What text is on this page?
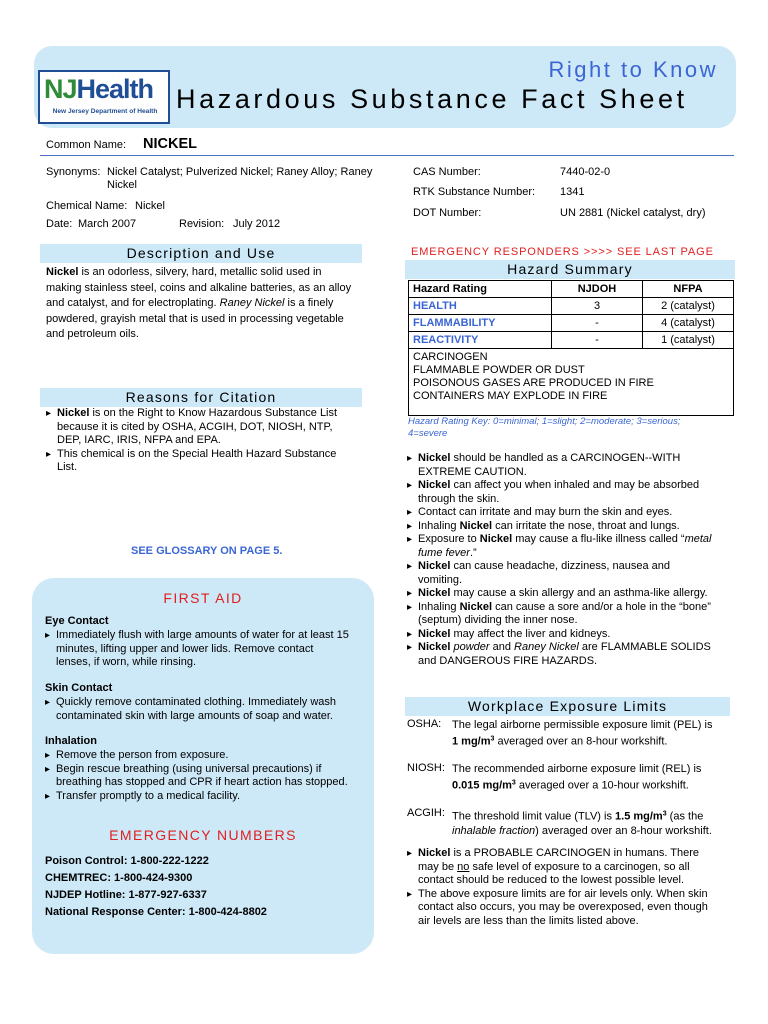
NJHealth
New Jersey Department of Health
Right to Know
Hazardous Substance Fact Sheet
Common Name: NICKEL
Synonyms: Nickel Catalyst; Pulverized Nickel; Raney Alloy; Raney
Nickel
Chemical Name: Nickel
Date: March 2007	Revision: July 2012
CAS Number:	7440-02-0
RTK Substance Number: 1341
DOT Number:	UN 2881 (Nickel catalyst, dry)
Description and Use
Nickel is an odorless, silvery, hard, metallic solid used in
making stainless steel, coins and alkaline batteries, as an alloy
and catalyst, and for electroplating. Raney Nickel is a finely
powdered, grayish metal that is used in processing vegetable
and petroleum oils.
Reasons for Citation
▸ Nickel is on the Right to Know Hazardous Substance List
because it is cited by OSHA, ACGIH, DOT, NIOSH, NTP,
DEP, IARC, IRIS, NFPA and EPA.
▸ This chemical is on the Special Health Hazard Substance
List.
SEE GLOSSARY ON PAGE 5.
FIRST AID
Eye Contact
▸ Immediately flush with large amounts of water for at least 15
minutes, lifting upper and lower lids. Remove contact
lenses, if worn, while rinsing.
Skin Contact
▸ Quickly remove contaminated clothing. Immediately wash
contaminated skin with large amounts of soap and water.
Inhalation
▸ Remove the person from exposure.
▸ Begin rescue breathing (using universal precautions) if
breathing has stopped and CPR if heart action has stopped.
▸ Transfer promptly to a medical facility.
EMERGENCY NUMBERS
Poison Control: 1-800-222-1222
CHEMTREC: 1-800-424-9300
NJDEP Hotline: 1-877-927-6337
National Response Center: 1-800-424-8802
EMERGENCY RESPONDERS >>>> SEE LAST PAGE
Hazard Summary
Hazard Rating	NJDOH	NFPA
HEALTH	3	2 (catalyst)
FLAMMABILITY	-	4 (catalyst)
REACTIVITY	-	1 (catalyst)

CARCINOGEN
FLAMMABLE POWDER OR DUST
POISONOUS GASES ARE PRODUCED IN FIRE
CONTAINERS MAY EXPLODE IN FIRE		
Hazard Rating Key: 0=minimal; 1=slight; 2=moderate; 3=serious;
4=severe
▸ Nickel should be handled as a CARCINOGEN--WITH
EXTREME CAUTION.
▸ Nickel can affect you when inhaled and may be absorbed
through the skin.
▸ Contact can irritate and may burn the skin and eyes.
▸ Inhaling Nickel can irritate the nose, throat and lungs.
▸ Exposure to Nickel may cause a flu-like illness called “metal
fume fever.”
▸ Nickel can cause headache, dizziness, nausea and
vomiting.
▸ Nickel may cause a skin allergy and an asthma-like allergy.
▸ Inhaling Nickel can cause a sore and/or a hole in the “bone”
(septum) dividing the inner nose.
▸ Nickel may affect the liver and kidneys.
▸ Nickel powder and Raney Nickel are FLAMMABLE SOLIDS
and DANGEROUS FIRE HAZARDS.
Workplace Exposure Limits
OSHA: The legal airborne permissible exposure limit (PEL) is
1 $mg/m^3$ averaged over an 8-hour workshift.
NIOSH: The recommended airborne exposure limit (REL) is
0.015 $mg/m^3$ averaged over a 10-hour workshift.
ACGIH: The threshold limit value (TLV) is 1.5 $mg/m^3$ (as the
inhalable fraction) averaged over an 8-hour workshift.
▸ Nickel is a PROBABLE CARCINOGEN in humans. There
may be no safe level of exposure to a carcinogen, so all
contact should be reduced to the lowest possible level.
▸ The above exposure limits are for air levels only. When skin
contact also occurs, you may be overexposed, even though
air levels are less than the limits listed above.
